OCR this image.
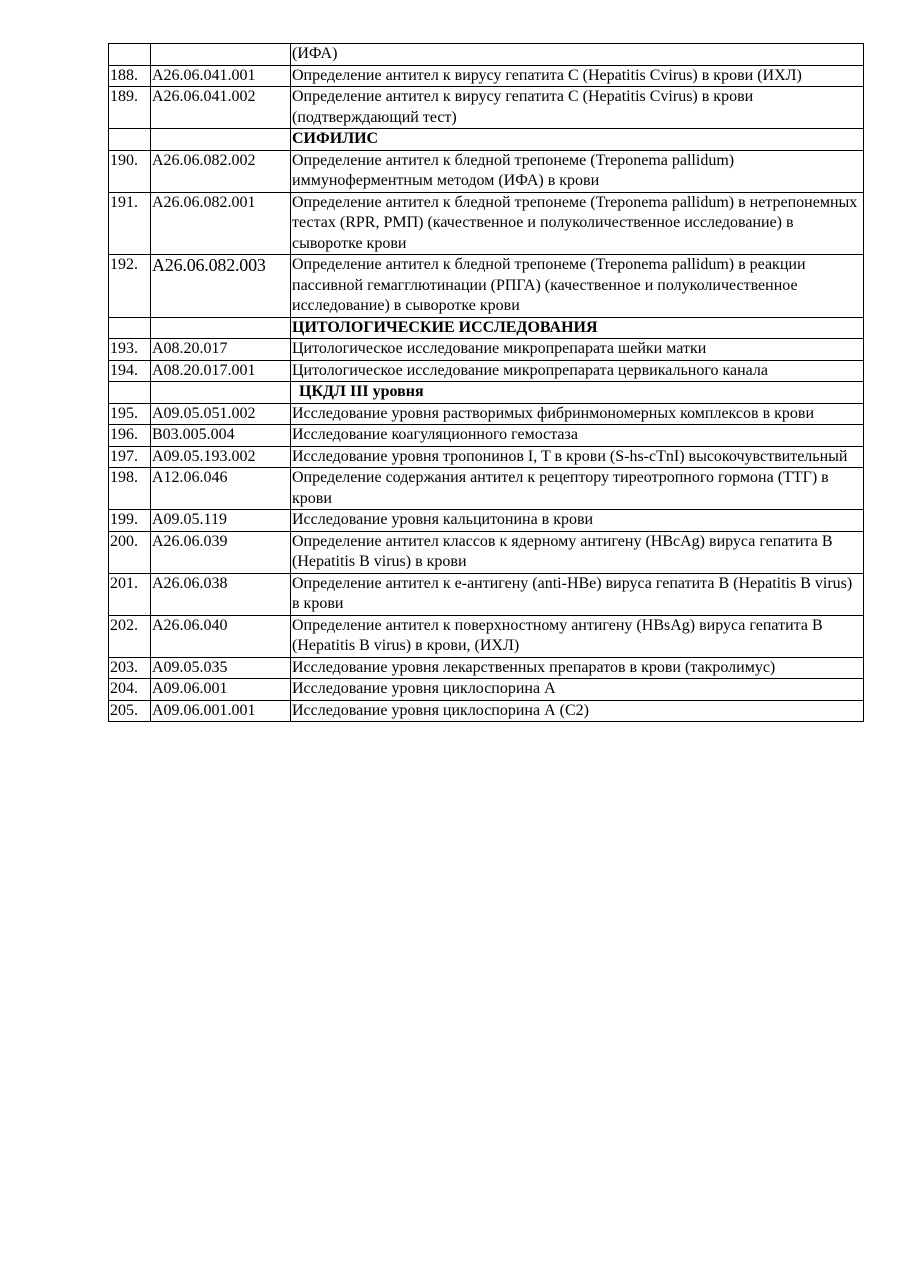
		(ИФА)
188.	A26.06.041.001	Определение антител к вирусу гепатита C (Hepatitis Cvirus) в крови (ИХЛ)
189.	A26.06.041.002	Определение антител к вирусу гепатита C (Hepatitis Cvirus) в крови (подтверждающий тест)
		СИФИЛИС
190.	A26.06.082.002	Определение антител к бледной трепонеме (Treponema pallidum) иммуноферментным методом (ИФА) в крови
191.	A26.06.082.001	Определение антител к бледной трепонеме (Treponema pallidum) в нетрепонемных тестах (RPR, РМП) (качественное и полуколичественное исследование) в сыворотке крови
192.	A26.06.082.003	Определение антител к бледной трепонеме (Treponema pallidum) в реакции пассивной гемагглютинации (РПГА) (качественное и полуколичественное исследование) в сыворотке крови
		ЦИТОЛОГИЧЕСКИЕ ИССЛЕДОВАНИЯ
193.	A08.20.017	Цитологическое исследование микропрепарата шейки матки
194.	A08.20.017.001	Цитологическое исследование микропрепарата цервикального канала
		ЦКДЛ III уровня
195.	A09.05.051.002	Исследование уровня растворимых фибринмономерных комплексов в крови
196.	B03.005.004	Исследование коагуляционного гемостаза
197.	A09.05.193.002	Исследование уровня тропонинов I, T в крови (S-hs-cTnI) высокочувствительный
198.	A12.06.046	Определение содержания антител к рецептору тиреотропного гормона (ТТГ) в крови
199.	A09.05.119	Исследование уровня кальцитонина в крови
200.	A26.06.039	Определение антител классов к ядерному антигену (HBcAg) вируса гепатита B (Hepatitis B virus) в крови
201.	A26.06.038	Определение антител к e-антигену (anti-HBe) вируса гепатита B (Hepatitis B virus) в крови
202.	A26.06.040	Определение антител к поверхностному антигену (HBsAg) вируса гепатита B (Hepatitis B virus) в крови, (ИХЛ)
203.	A09.05.035	Исследование уровня лекарственных препаратов в крови (такролимус)
204.	A09.06.001	Исследование уровня циклоспорина А
205.	A09.06.001.001	Исследование уровня циклоспорина А (С2)
